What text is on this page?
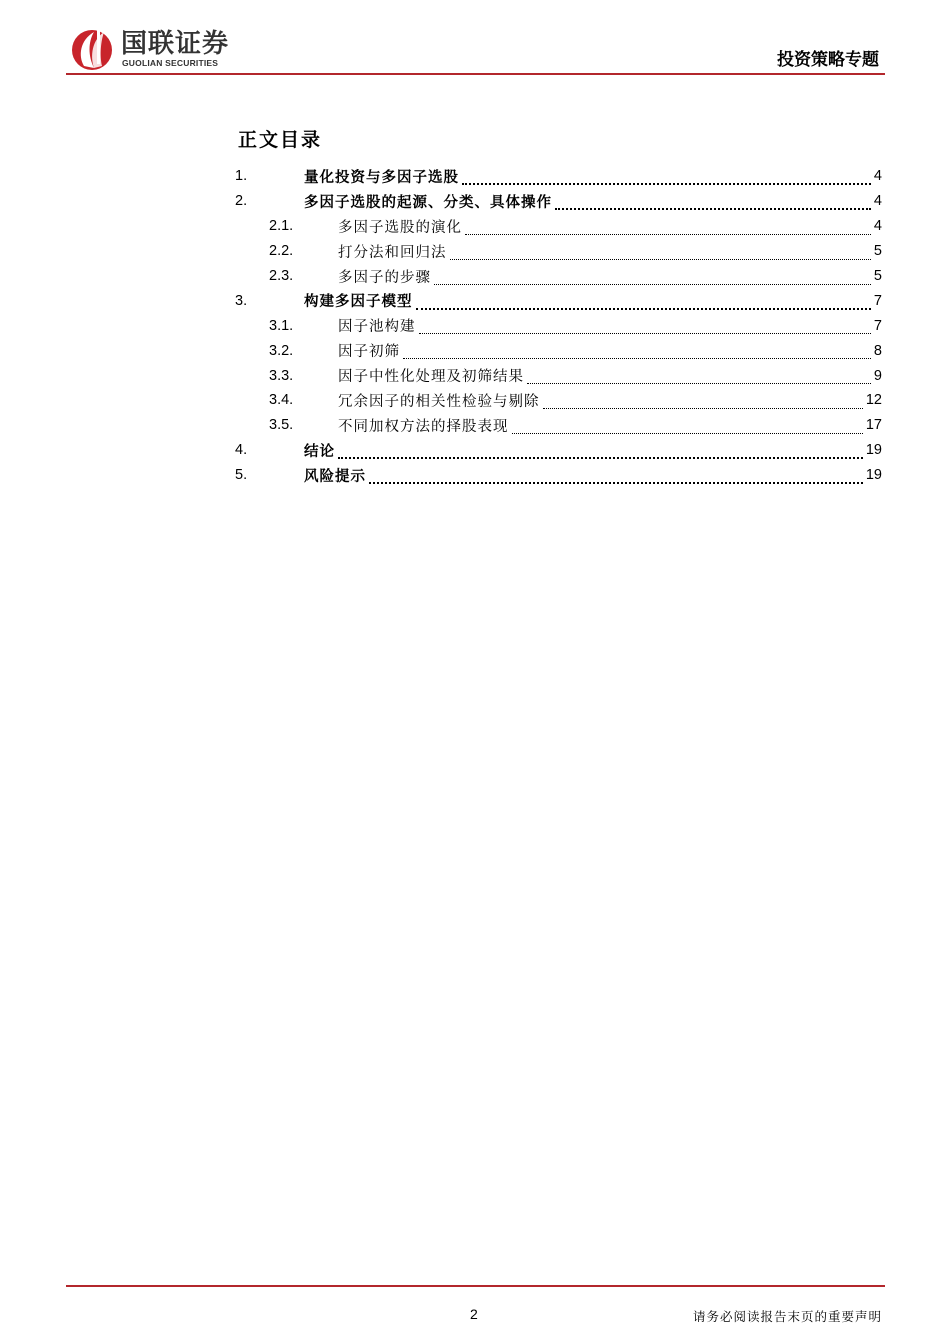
国联证券
GUOLIAN SECURITIES	投资策略专题
正文目录
1.	量化投资与多因子选股	4
2.	多因子选股的起源、分类、具体操作	4
2.1.	多因子选股的演化	4
2.2.	打分法和回归法	5
2.3.	多因子的步骤	5
3.	构建多因子模型	7
3.1.	因子池构建	7
3.2.	因子初筛	8
3.3.	因子中性化处理及初筛结果	9
3.4.	冗余因子的相关性检验与剔除	12
3.5.	不同加权方法的择股表现	17
4.	结论	19
5.	风险提示	19
2	请务必阅读报告末页的重要声明
